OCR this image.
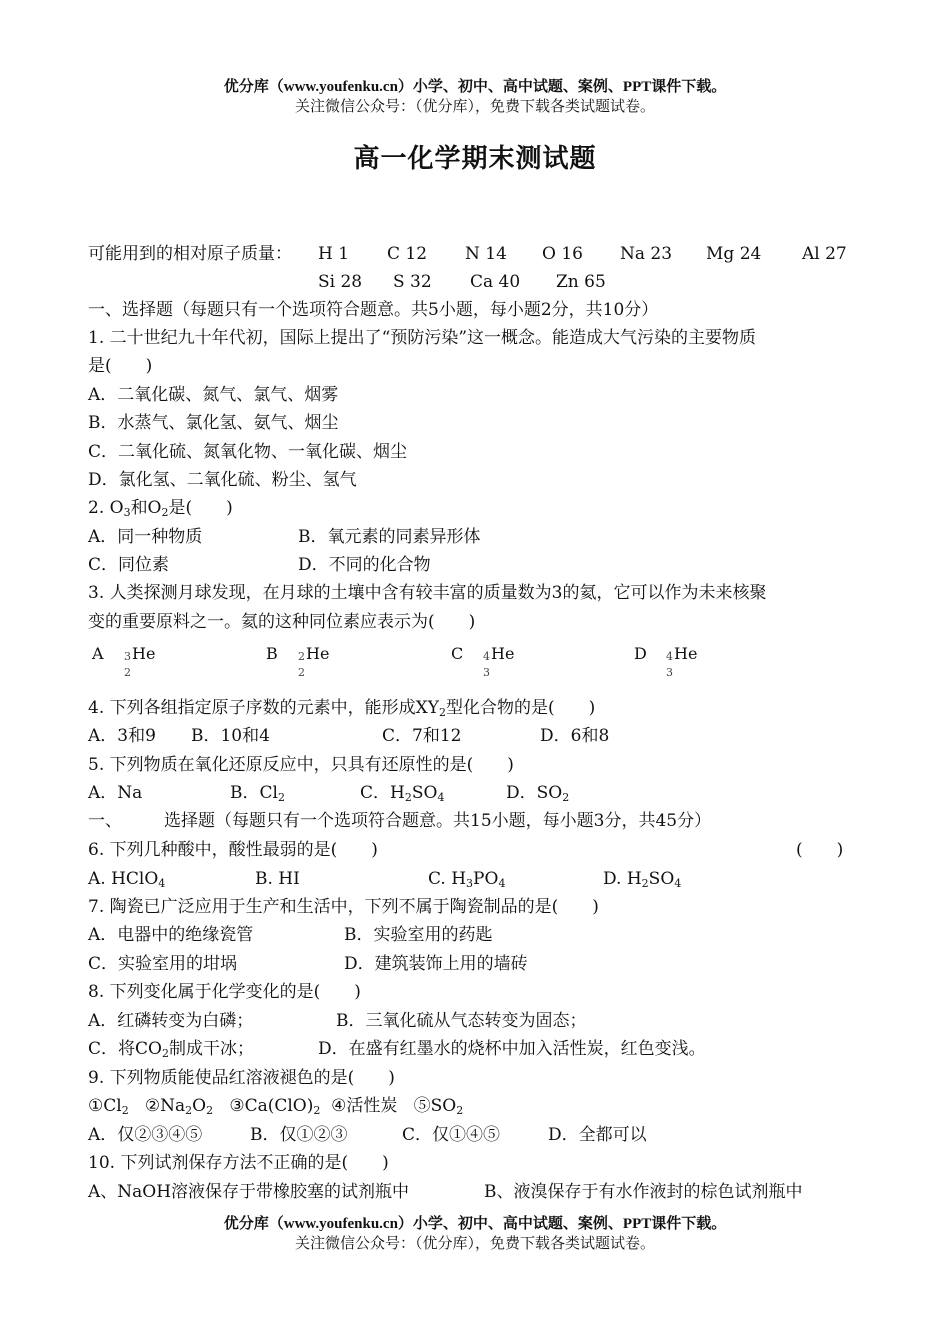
优分库（www.youfenku.cn）小学、初中、高中试题、案例、PPT课件下载。
关注微信公众号：（优分库），免费下载各类试题试卷。
高一化学期末测试题
可能用到的相对原子质量： H 1 C 12 N 14 O 16 Na 23 Mg 24 Al 27
Si 28 S 32 Ca 40 Zn 65
一、选择题（每题只有一个选项符合题意。共5小题，每小题2分，共10分）
1. 二十世纪九十年代初，国际上提出了“预防污染”这一概念。能造成大气污染的主要物质
是(　　)
A．二氧化碳、氮气、氯气、烟雾
B．水蒸气、氯化氢、氨气、烟尘
C．二氧化硫、氮氧化物、一氧化碳、烟尘
D．氯化氢、二氧化硫、粉尘、氢气
2. $O_3$和$O_2$是(　　)
A．同一种物质	B．氧元素的同素异形体
C．同位素	D．不同的化合物
3. 人类探测月球发现，在月球的土壤中含有较丰富的质量数为3的氦，它可以作为未来核聚
变的重要原料之一。氦的这种同位素应表示为(　　)
A 3
2
He	B 2
2
He	C 4
3
He	D 4
3
He
4. 下列各组指定原子序数的元素中，能形成$XY_2$型化合物的是(　　)
A．3和9 B．10和4	C．7和12	D．6和8
5. 下列物质在氧化还原反应中，只具有还原性的是(　　)
A．Na	B．$Cl_2$	C．$H_2SO_4$	D．$SO_2$
一、 选择题（每题只有一个选项符合题意。共15小题，每小题3分，共45分）
6. 下列几种酸中，酸性最弱的是(　　)	(　　)
A. HClO$_4$	B. HI	C. $H_3PO_4$	D. $H_2SO_4$
7. 陶瓷已广泛应用于生产和生活中，下列不属于陶瓷制品的是(　　)
A．电器中的绝缘瓷管	B．实验室用的药匙
C．实验室用的坩埚	D．建筑装饰上用的墙砖
8. 下列变化属于化学变化的是(　　)
A．红磷转变为白磷；	B．三氧化硫从气态转变为固态；
C．将$CO_2$制成干冰；	D．在盛有红墨水的烧杯中加入活性炭，红色变浅。
9. 下列物质能使品红溶液褪色的是(　　)
$①Cl_2$ $②Na_2O_2$ $③Ca(ClO)_2$ ④活性炭 $⑤SO_2$
A．仅②③④⑤	B．仅①②③	C．仅①④⑤	D．全都可以
10. 下列试剂保存方法不正确的是(　　)
A、NaOH溶液保存于带橡胶塞的试剂瓶中	B、液溴保存于有水作液封的棕色试剂瓶中
优分库（www.youfenku.cn）小学、初中、高中试题、案例、PPT课件下载。
关注微信公众号：（优分库），免费下载各类试题试卷。
